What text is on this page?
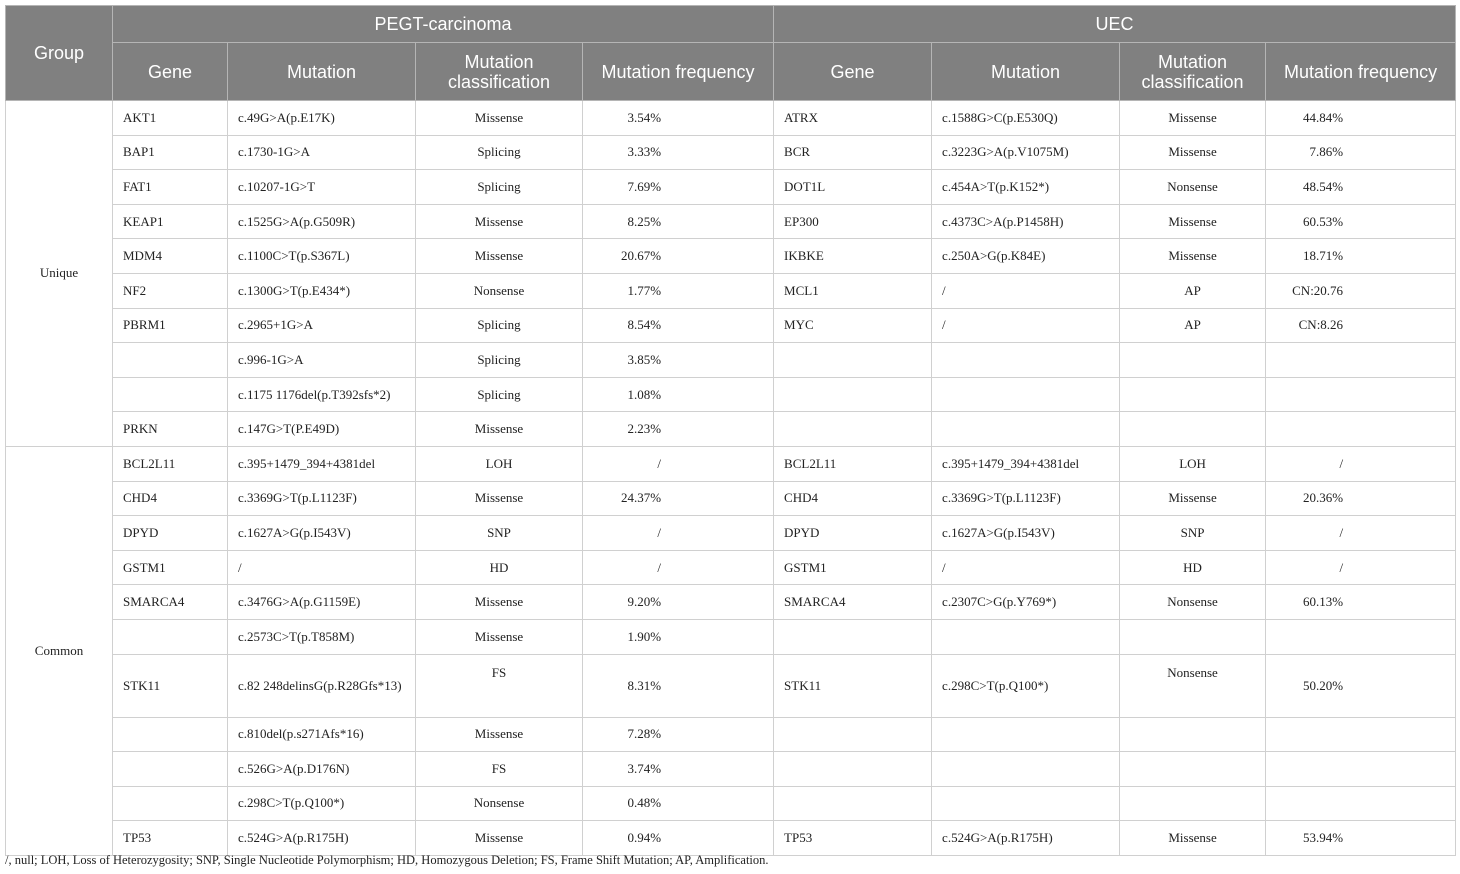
Group	PEGT-carcinoma				UEC			
	Gene	Mutation	Mutation classification	Mutation frequency	Gene	Mutation	Mutation classification	Mutation frequency
Unique	AKT1	c.49G>A(p.E17K)	Missense	3.54%	ATRX	c.1588G>C(p.E530Q)	Missense	44.84%
	BAP1	c.1730-1G>A	Splicing	3.33%	BCR	c.3223G>A(p.V1075M)	Missense	7.86%
	FAT1	c.10207-1G>T	Splicing	7.69%	DOT1L	c.454A>T(p.K152*)	Nonsense	48.54%
	KEAP1	c.1525G>A(p.G509R)	Missense	8.25%	EP300	c.4373C>A(p.P1458H)	Missense	60.53%
	MDM4	c.1100C>T(p.S367L)	Missense	20.67%	IKBKE	c.250A>G(p.K84E)	Missense	18.71%
	NF2	c.1300G>T(p.E434*)	Nonsense	1.77%	MCL1	/	AP	CN:20.76
	PBRM1	c.2965+1G>A	Splicing	8.54%	MYC	/	AP	CN:8.26
		c.996-1G>A	Splicing	3.85%				
		c.1175 1176del(p.T392sfs*2)	Splicing	1.08%				
	PRKN	c.147G>T(P.E49D)	Missense	2.23%				
Common	BCL2L11	c.395+1479_394+4381del	LOH	/	BCL2L11	c.395+1479_394+4381del	LOH	/
	CHD4	c.3369G>T(p.L1123F)	Missense	24.37%	CHD4	c.3369G>T(p.L1123F)	Missense	20.36%
	DPYD	c.1627A>G(p.I543V)	SNP	/	DPYD	c.1627A>G(p.I543V)	SNP	/
	GSTM1	/	HD	/	GSTM1	/	HD	/
	SMARCA4	c.3476G>A(p.G1159E)	Missense	9.20%	SMARCA4	c.2307C>G(p.Y769*)	Nonsense	60.13%
		c.2573C>T(p.T858M)	Missense	1.90%				
	STK11	c.82 248delinsG(p.R28Gfs*13)	FS	8.31%	STK11	c.298C>T(p.Q100*)	Nonsense	50.20%
		c.810del(p.s271Afs*16)	Missense	7.28%				
		c.526G>A(p.D176N)	FS	3.74%				
		c.298C>T(p.Q100*)	Nonsense	0.48%				
	TP53	c.524G>A(p.R175H)	Missense	0.94%	TP53	c.524G>A(p.R175H)	Missense	53.94%
/, null; LOH, Loss of Heterozygosity; SNP, Single Nucleotide Polymorphism; HD, Homozygous Deletion; FS, Frame Shift Mutation; AP, Amplification.
